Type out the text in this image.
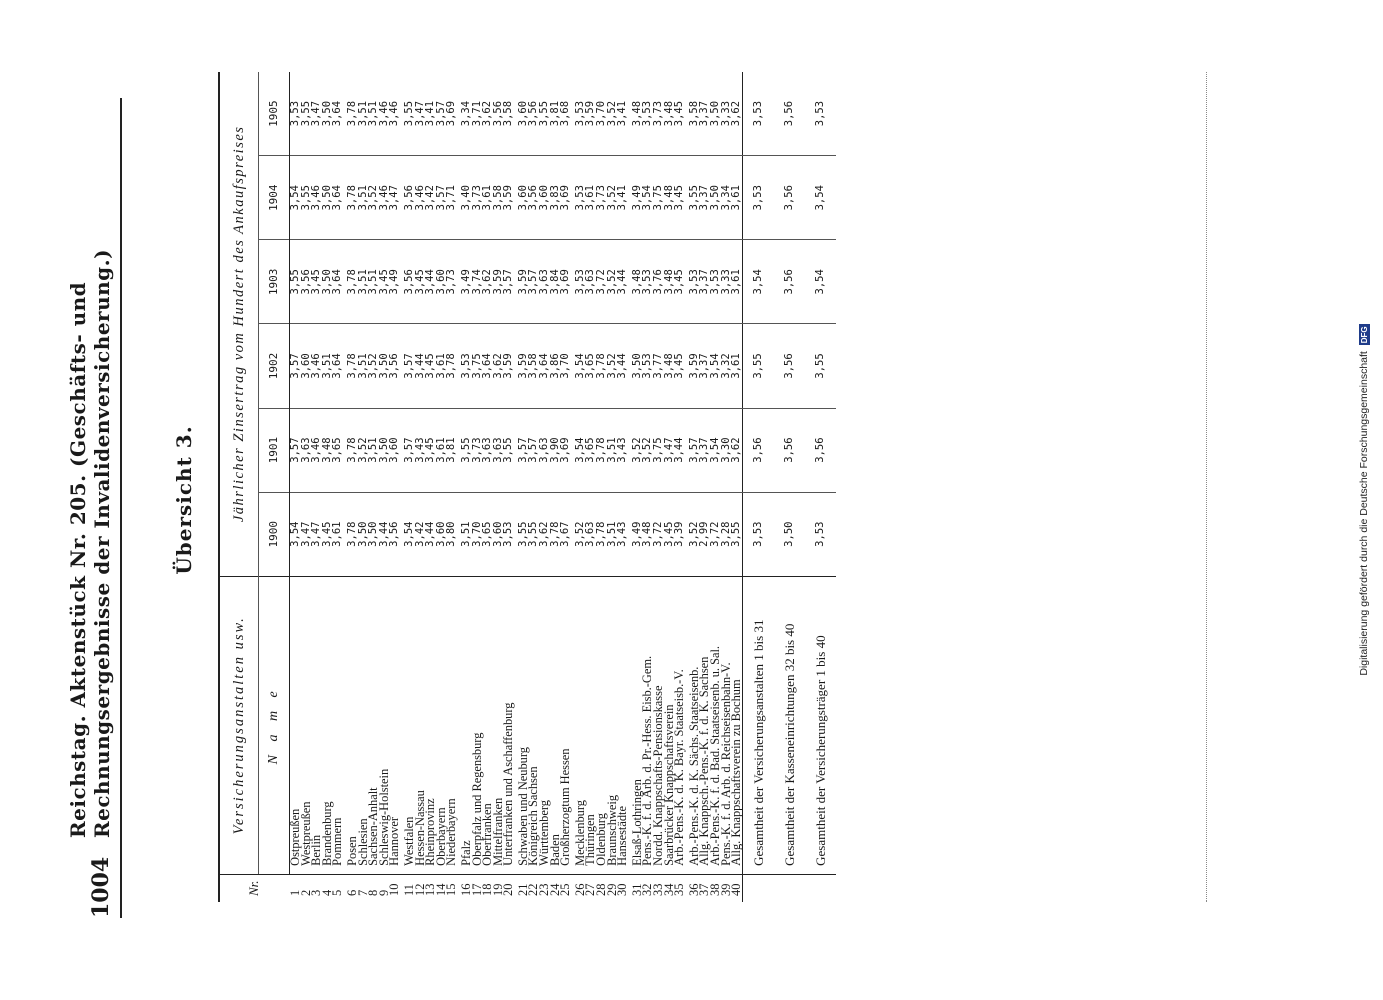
1004
Reichstag. Aktenstück Nr. 205. (Geschäfts- und Rechnungsergebnisse der Invalidenversicherung.)	Übersicht 3.
Nr.	Versicherungsanstalten usw.	Jährlicher Zinsertrag vom Hundert des Ankaufspreises					
	N a m e	1900	1901	1902	1903	1904	1905
1	Ostpreußen	3,54	3,57	3,57	3,55	3,54	3,53
2	Westpreußen	3,47	3,63	3,60	3,56	3,55	3,55
3	Berlin	3,47	3,46	3,46	3,45	3,46	3,47
4	Brandenburg	3,45	3,48	3,51	3,50	3,50	3,50
5	Pommern	3,61	3,65	3,64	3,64	3,64	3,64
6	Posen	3,78	3,78	3,78	3,78	3,78	3,78
7	Schlesien	3,50	3,52	3,51	3,51	3,51	3,51
8	Sachsen-Anhalt	3,50	3,51	3,52	3,51	3,52	3,51
9	Schleswig-Holstein	3,44	3,50	3,50	3,45	3,46	3,46
10	Hannover	3,56	3,60	3,56	3,49	3,47	3,46
11	Westfalen	3,54	3,57	3,57	3,56	3,56	3,55
12	Hessen-Nassau	3,42	3,43	3,44	3,45	3,46	3,47
13	Rheinprovinz	3,44	3,45	3,45	3,44	3,42	3,41
14	Oberbayern	3,60	3,61	3,61	3,60	3,57	3,57
15	Niederbayern	3,80	3,81	3,78	3,73	3,71	3,69
16	Pfalz	3,51	3,55	3,53	3,49	3,40	3,34
17	Oberpfalz und Regensburg	3,70	3,73	3,75	3,74	3,73	3,71
18	Oberfranken	3,65	3,63	3,64	3,62	3,61	3,62
19	Mittelfranken	3,60	3,63	3,62	3,59	3,58	3,56
20	Unterfranken und Aschaffenburg	3,53	3,55	3,59	3,57	3,59	3,58
21	Schwaben und Neuburg	3,55	3,57	3,59	3,59	3,60	3,60
22	Königreich Sachsen	3,55	3,57	3,58	3,57	3,56	3,56
23	Württemberg	3,62	3,63	3,64	3,63	3,60	3,55
24	Baden	3,78	3,90	3,86	3,84	3,83	3,81
25	Großherzogtum Hessen	3,67	3,69	3,70	3,69	3,69	3,68
26	Mecklenburg	3,52	3,54	3,54	3,53	3,53	3,53
27	Thüringen	3,63	3,65	3,65	3,63	3,61	3,59
28	Oldenburg	3,78	3,78	3,78	3,72	3,73	3,70
29	Braunschweig	3,51	3,51	3,52	3,52	3,52	3,52
30	Hansestädte	3,43	3,43	3,44	3,44	3,41	3,41
31	Elsaß-Lothringen	3,49	3,52	3,50	3,48	3,49	3,48
32	Pens.-K. f. d. Arb. d. Pr.-Hess. Eisb.-Gem.	3,48	3,52	3,53	3,53	3,54	3,53
33	Nordd. Knappschafts-Pensionskasse	3,72	3,75	3,77	3,76	3,75	3,73
34	Saarbrücker Knappschaftsverein	3,45	3,47	3,48	3,48	3,48	3,48
35	Arb.-Pens.-K. d. K. Bayr. Staatseisb.-V.	3,39	3,44	3,45	3,45	3,45	3,45
36	Arb.-Pens.-K. d. K. Sächs. Staatseisenb.	3,52	3,57	3,59	3,53	3,55	3,58
37	Allg. Knappsch.-Pens.-K. f. d. K. Sachsen	2,99	3,37	3,37	3,37	3,37	3,37
38	Arb.-Pens.-K. f. d. Bad. Staatseisenb. u. Sal.	3,72	3,54	3,54	3,53	3,50	3,50
39	Pens.-K. f. d. Arb. d. Reichseisenbahn-V.	3,28	3,30	3,32	3,33	3,34	3,33
40	Allg. Knappschaftsverein zu Bochum	3,55	3,62	3,61	3,61	3,61	3,62
	Gesamtheit der Versicherungsanstalten 1 bis 31	3,53	3,56	3,55	3,54	3,53	3,53
	Gesamtheit der Kasseneinrichtungen 32 bis 40	3,50	3,56	3,56	3,56	3,56	3,56
	Gesamtheit der Versicherungsträger 1 bis 40	3,53	3,56	3,55	3,54	3,54	3,53
Digitalisierung gefördert durch die Deutsche Forschungsgemeinschaft DFG
